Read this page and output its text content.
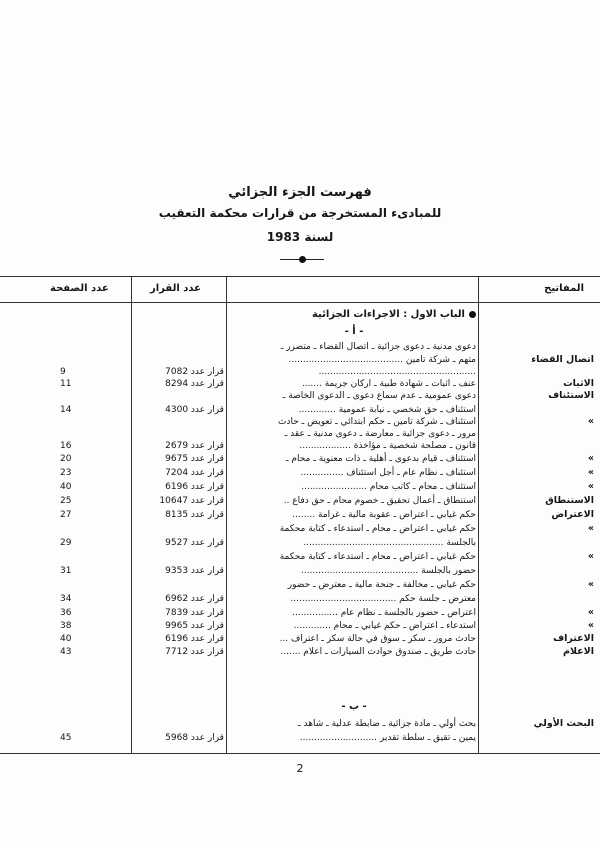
فهرست الجزء الجزائي
للمبادىء المستخرجة من قرارات محكمة التعقيب
لسنة 1983
المفاتيح
عدد القرار
عدد الصفحة
الباب الاول : الاجراءات الجزائية
- أ -
دعوى مدنية ـ دعوى جزائية ـ اتصال القضاء ـ متضرر ـ
اتصال القضاء
متهم ـ شركة تامين ........................................
.......................................................
قرار عدد 7082
9
الاثبات
عنف ـ اثبات ـ شهادة طبية ـ اركان جريمة .......
قرار عدد 8294
11
الاستئناف
دعوى عمومية ـ عدم سماع دعوى ـ الدعوى الخاصة ـ
استئناف ـ حق شخصي ـ نيابة عمومية .............
قرار عدد 4300
14
»
استئناف ـ شركة تامين ـ حكم ابتدائي ـ تعويض ـ حادث
مرور ـ دعوى جزائية ـ معارضة ـ دعوى مدنية ـ عقد ـ
قانون ـ مصلحة شخصية ـ مؤاخذة ..................
قرار عدد 2679
16
»
استئناف ـ قيام بدعوى ـ أهلية ـ ذات معنوية ـ محام ـ
قرار عدد 9675
20
»
استئناف ـ نظام عام ـ أجل استئناف ...............
قرار عدد 7204
23
»
استئناف ـ محام ـ كاتب محام .......................
قرار عدد 6196
40
الاستنطاق
استنطاق ـ أعمال تحقيق ـ خصوم محام ـ حق دفاع ..
قرار عدد 10647
25
الاعتراض
حكم غيابي ـ اعتراض ـ عقوبة مالية ـ غرامة ........
قرار عدد 8135
27
»
حكم غيابي ـ اعتراض ـ محام ـ استدعاء ـ كتابة محكمة
بالجلسة .................................................
قرار عدد 9527
29
»
حكم غيابي ـ اعتراض ـ محام ـ استدعاء ـ كتابة محكمة
حضور بالجلسة .........................................
قرار عدد 9353
31
»
حكم غيابي ـ مخالفة ـ جنحة مالية ـ معترض ـ حضور
معترض ـ جلسة حكم .....................................
قرار عدد 6962
34
»
اعتراض ـ حضور بالجلسة ـ نظام عام ................
قرار عدد 7839
36
»
استدعاء ـ اعتراض ـ حكم غيابي ـ محام .............
قرار عدد 9965
38
الاعتراف
حادث مرور ـ سكر ـ سوق في حالة سكر ـ اعتراف ...
قرار عدد 6196
40
الاعلام
حادث طريق ـ صندوق حوادث السيارات ـ اعلام .......
قرار عدد 7712
43
- ب -
البحث الأولي
بحث أولي ـ مادة جزائية ـ ضابطة عدلية ـ شاهد ـ
يمين ـ تقيق ـ سلطة تقدير ...........................
قرار عدد 5968
45
2
